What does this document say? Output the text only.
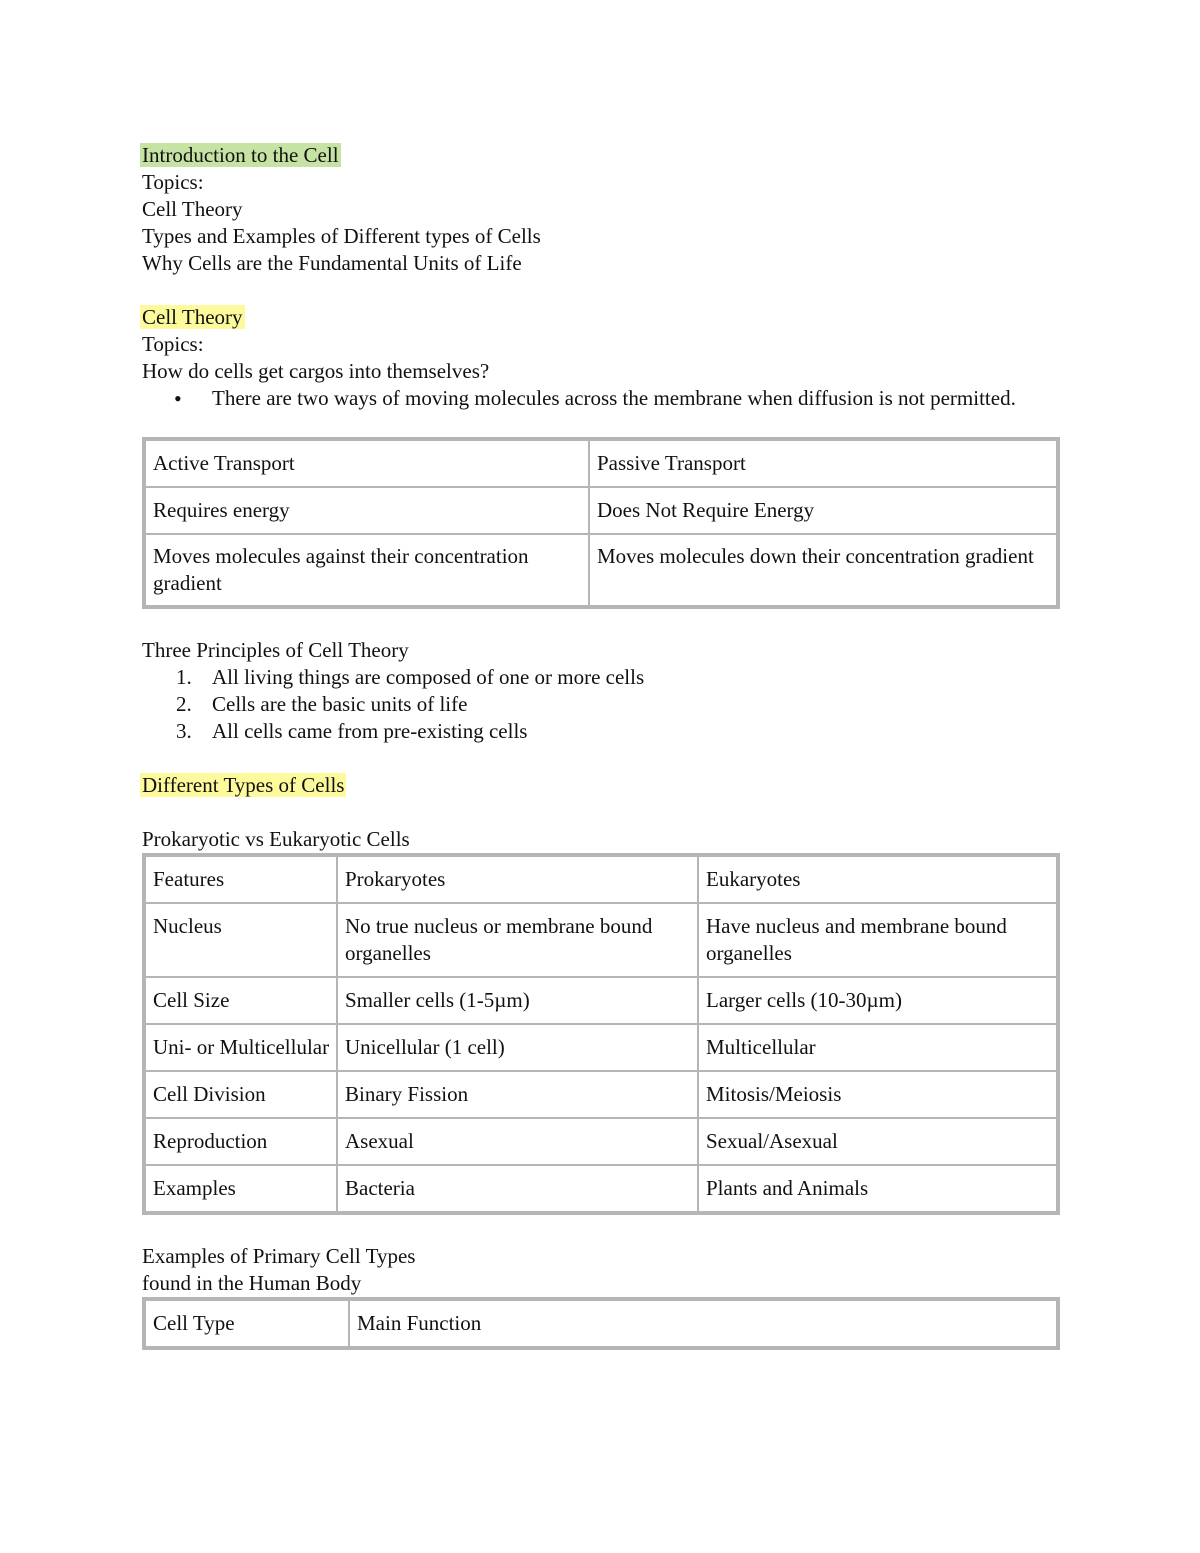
Introduction to the Cell
Topics:
Cell Theory
Types and Examples of Different types of Cells
Why Cells are the Fundamental Units of Life
Cell Theory
Topics:
How do cells get cargos into themselves?
• There are two ways of moving molecules across the membrane when diffusion is not permitted.
Active Transport	Passive Transport
Requires energy	Does Not Require Energy
Moves molecules against their concentration gradient	Moves molecules down their concentration gradient
Three Principles of Cell Theory
1. All living things are composed of one or more cells
2. Cells are the basic units of life
3. All cells came from pre-existing cells
Different Types of Cells
Prokaryotic vs Eukaryotic Cells
Features	Prokaryotes	Eukaryotes
Nucleus	No true nucleus or membrane bound organelles	Have nucleus and membrane bound organelles
Cell Size	Smaller cells (1-5µm)	Larger cells (10-30µm)
Uni- or Multicellular	Unicellular (1 cell)	Multicellular
Cell Division	Binary Fission	Mitosis/Meiosis
Reproduction	Asexual	Sexual/Asexual
Examples	Bacteria	Plants and Animals
Examples of Primary Cell Types
found in the Human Body
Cell Type	Main Function
